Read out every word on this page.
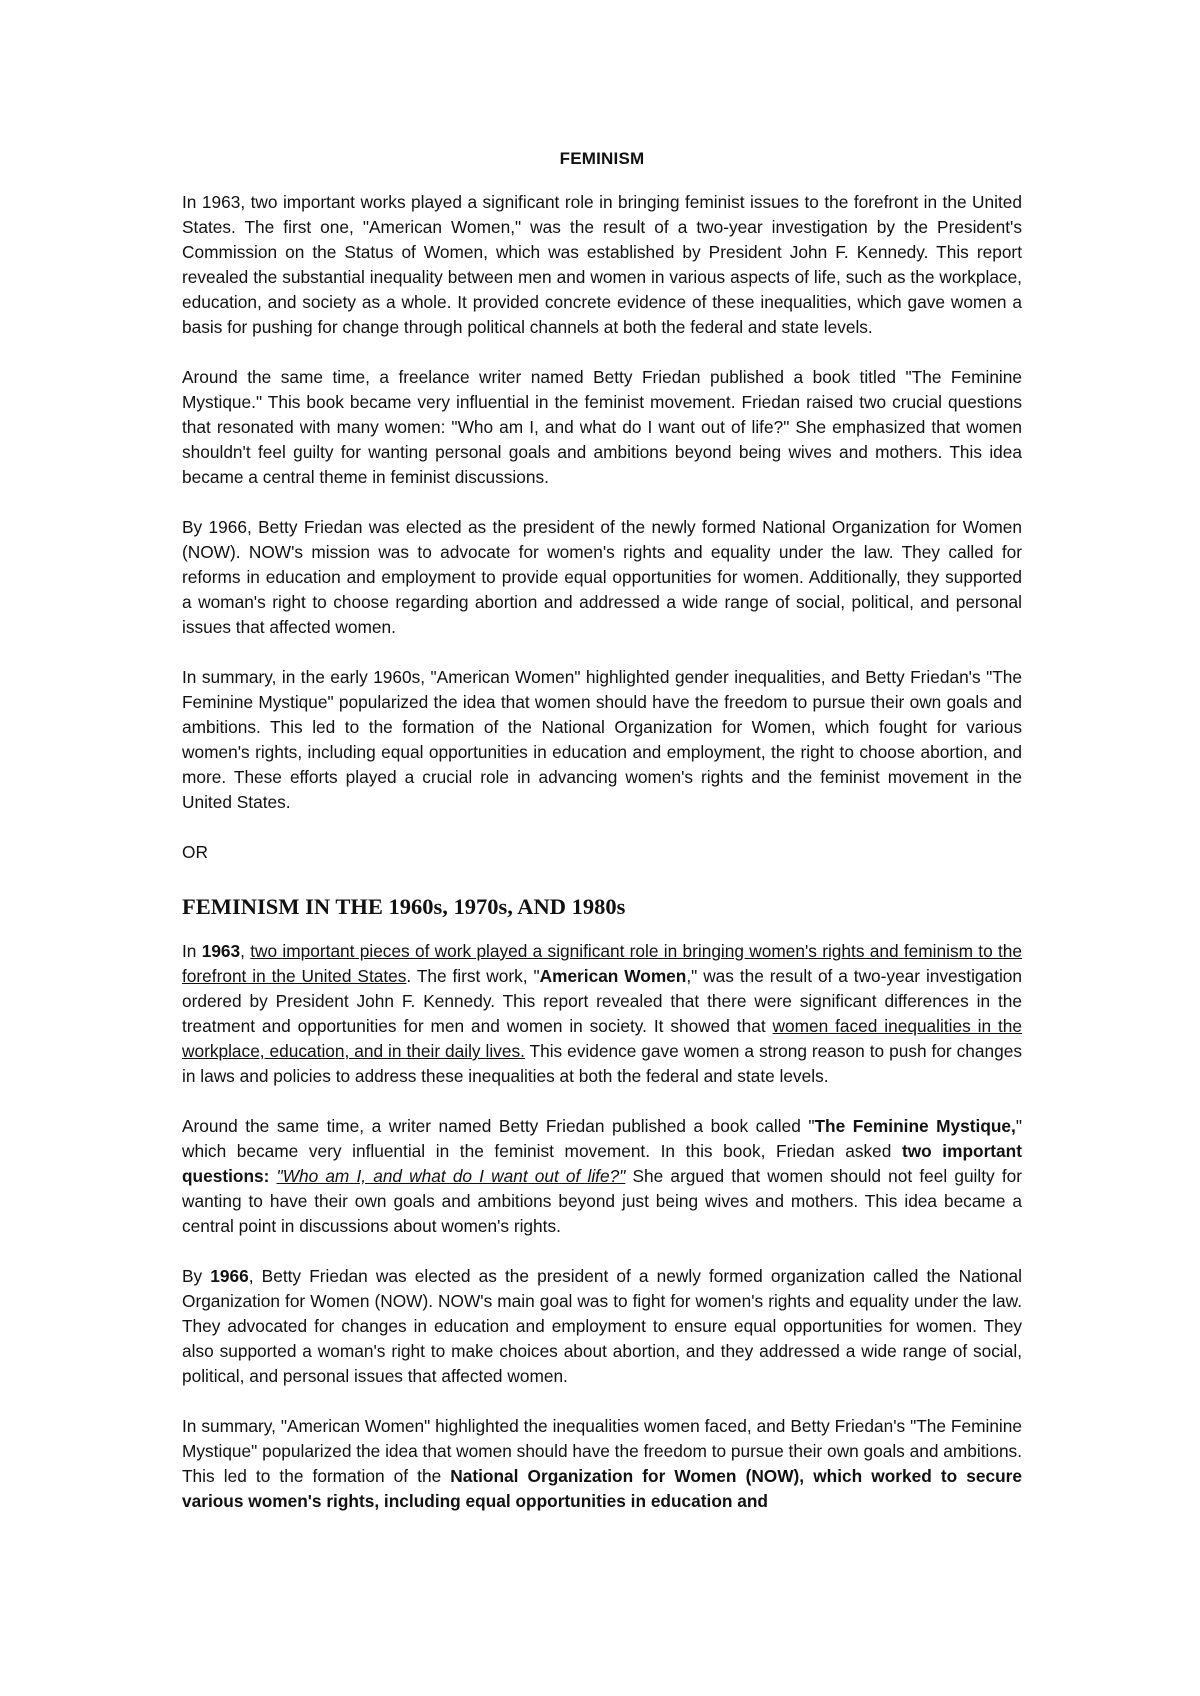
FEMINISM

In 1963, two important works played a significant role in bringing feminist issues to the forefront in the United States. The first one, "American Women," was the result of a two-year investigation by the President's Commission on the Status of Women, which was established by President John F. Kennedy. This report revealed the substantial inequality between men and women in various aspects of life, such as the workplace, education, and society as a whole. It provided concrete evidence of these inequalities, which gave women a basis for pushing for change through political channels at both the federal and state levels.

Around the same time, a freelance writer named Betty Friedan published a book titled "The Feminine Mystique." This book became very influential in the feminist movement. Friedan raised two crucial questions that resonated with many women: "Who am I, and what do I want out of life?" She emphasized that women shouldn't feel guilty for wanting personal goals and ambitions beyond being wives and mothers. This idea became a central theme in feminist discussions.

By 1966, Betty Friedan was elected as the president of the newly formed National Organization for Women (NOW). NOW's mission was to advocate for women's rights and equality under the law. They called for reforms in education and employment to provide equal opportunities for women. Additionally, they supported a woman's right to choose regarding abortion and addressed a wide range of social, political, and personal issues that affected women.

In summary, in the early 1960s, "American Women" highlighted gender inequalities, and Betty Friedan's "The Feminine Mystique" popularized the idea that women should have the freedom to pursue their own goals and ambitions. This led to the formation of the National Organization for Women, which fought for various women's rights, including equal opportunities in education and employment, the right to choose abortion, and more. These efforts played a crucial role in advancing women's rights and the feminist movement in the United States.

OR
FEMINISM IN THE 1960s, 1970s, AND 1980s

In 1963, two important pieces of work played a significant role in bringing women's rights and feminism to the forefront in the United States. The first work, "American Women," was the result of a two-year investigation ordered by President John F. Kennedy. This report revealed that there were significant differences in the treatment and opportunities for men and women in society. It showed that women faced inequalities in the workplace, education, and in their daily lives. This evidence gave women a strong reason to push for changes in laws and policies to address these inequalities at both the federal and state levels.

Around the same time, a writer named Betty Friedan published a book called "The Feminine Mystique," which became very influential in the feminist movement. In this book, Friedan asked two important questions: "Who am I, and what do I want out of life?" She argued that women should not feel guilty for wanting to have their own goals and ambitions beyond just being wives and mothers. This idea became a central point in discussions about women's rights.

By 1966, Betty Friedan was elected as the president of a newly formed organization called the National Organization for Women (NOW). NOW's main goal was to fight for women's rights and equality under the law. They advocated for changes in education and employment to ensure equal opportunities for women. They also supported a woman's right to make choices about abortion, and they addressed a wide range of social, political, and personal issues that affected women.

In summary, "American Women" highlighted the inequalities women faced, and Betty Friedan's "The Feminine Mystique" popularized the idea that women should have the freedom to pursue their own goals and ambitions. This led to the formation of the National Organization for Women (NOW), which worked to secure various women's rights, including equal opportunities in education and
